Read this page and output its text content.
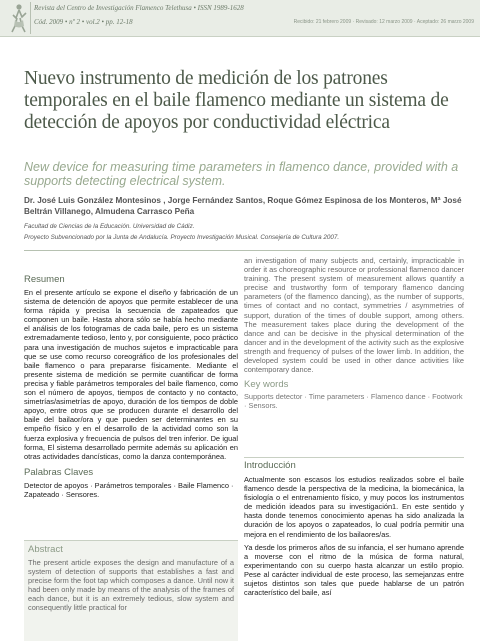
Revista del Centro de Investigación Flamenco Telethusa • ISSN 1989-1628
Cód. 2009 • nº 2 • vol.2 • pp. 12-18	Recibido: 21 febrero 2009 · Revisado: 12 marzo 2009 · Aceptado: 26 marzo 2009
Nuevo instrumento de medición de los patrones temporales en el baile flamenco mediante un sistema de detección de apoyos por conductividad eléctrica
New device for measuring time parameters in flamenco dance, provided with a supports detecting electrical system.
Dr. José Luis González Montesinos , Jorge Fernández Santos, Roque Gómez Espinosa de los Monteros, Mª José Beltrán Villanego, Almudena Carrasco Peña
Facultad de Ciencias de la Educación. Universidad de Cádiz.
Proyecto Subvencionado por la Junta de Andalucía. Proyecto Investigación Musical. Consejería de Cultura 2007.
Resumen
En el presente artículo se expone el diseño y fabricación de un sistema de detención de apoyos que permite establecer de una forma rápida y precisa la secuencia de zapateados que componen un baile. Hasta ahora sólo se había hecho mediante el análisis de los fotogramas de cada baile, pero es un sistema extremadamente tedioso, lento y, por consiguiente, poco práctico para una investigación de muchos sujetos e impracticable para que se use como recurso coreográfico de los profesionales del baile flamenco o para prepararse físicamente. Mediante el presente sistema de medición se permite cuantificar de forma precisa y fiable parámetros temporales del baile flamenco, como son el número de apoyos, tiempos de contacto y no contacto, simetrías/asimetrías de apoyo, duración de los tiempos de doble apoyo, entre otros que se producen durante el desarrollo del baile del bailaor/ora y que pueden ser determinantes en su empeño físico y en el desarrollo de la actividad como son la fuerza explosiva y frecuencia de pulsos del tren inferior. De igual forma, El sistema desarrollado permite además su aplicación en otras actividades dancísticas, como la danza contemporánea.
Palabras Claves
Detector de apoyos · Parámetros temporales · Baile Flamenco · Zapateado · Sensores.
Abstract
The present article exposes the design and manufacture of a system of detection of supports that establishes a fast and precise form the foot tap which composes a dance. Until now it had been only made by means of the analysis of the frames of each dance, but it is an extremely tedious, slow system and consequently little practical for
an investigation of many subjects and, certainly, impracticable in order it as choreographic resource or professional flamenco dancer training. The present system of measurement allows quantify a precise and trustworthy form of temporary flamenco dancing parameters (of the flamenco dancing), as the number of supports, times of contact and no contact, symmetries / asymmetries of support, duration of the times of double support, among others. The measurement takes place during the development of the dance and can be decisive in the physical determination of the dancer and in the development of the activity such as the explosive strength and frequency of pulses of the lower limb. In addition, the developed system could be used in other dance activities like contemporary dance.
Key words
Supports detector · Time parameters · Flamenco dance · Footwork · Sensors.
Introducción

Actualmente son escasos los estudios realizados sobre el baile flamenco desde la perspectiva de la medicina, la biomecánica, la fisiología o el entrenamiento físico, y muy pocos los instrumentos de medición ideados para su investigación1. En este sentido y hasta donde tenemos conocimiento apenas ha sido analizada la duración de los apoyos o zapateados, lo cual podría permitir una mejora en el rendimiento de los bailaores/as.

Ya desde los primeros años de su infancia, el ser humano aprende a moverse con el ritmo de la música de forma natural, experimentando con su cuerpo hasta alcanzar un estilo propio. Pese al carácter individual de este proceso, las semejanzas entre sujetos distintos son tales que puede hablarse de un patrón característico del baile, así
